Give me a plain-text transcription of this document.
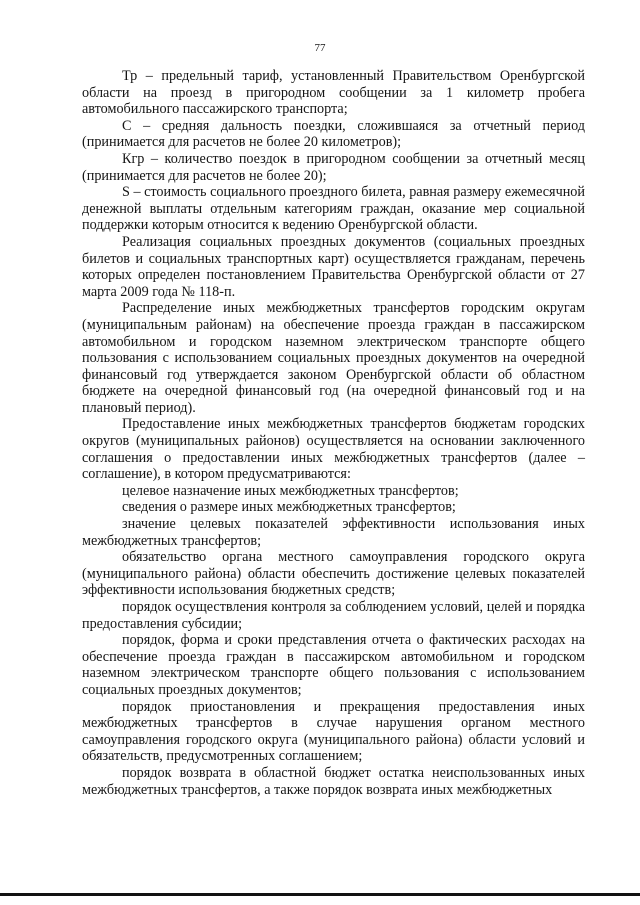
77

Тр – предельный тариф, установленный Правительством Оренбургской области на проезд в пригородном сообщении за 1 километр пробега автомобильного пассажирского транспорта;

С – средняя дальность поездки, сложившаяся за отчетный период (принимается для расчетов не более 20 километров);

Кгр – количество поездок в пригородном сообщении за отчетный месяц (принимается для расчетов не более 20);

S – стоимость социального проездного билета, равная размеру ежемесячной денежной выплаты отдельным категориям граждан, оказание мер социальной поддержки которым относится к ведению Оренбургской области.

Реализация социальных проездных документов (социальных проездных билетов и социальных транспортных карт) осуществляется гражданам, перечень которых определен постановлением Правительства Оренбургской области от 27 марта 2009 года № 118-п.

Распределение иных межбюджетных трансфертов городским округам (муниципальным районам) на обеспечение проезда граждан в пассажирском автомобильном и городском наземном электрическом транспорте общего пользования с использованием социальных проездных документов на очередной финансовый год утверждается законом Оренбургской области об областном бюджете на очередной финансовый год (на очередной финансовый год и на плановый период).

Предоставление иных межбюджетных трансфертов бюджетам городских округов (муниципальных районов) осуществляется на основании заключенного соглашения о предоставлении иных межбюджетных трансфертов (далее – соглашение), в котором предусматриваются:

целевое назначение иных межбюджетных трансфертов;

сведения о размере иных межбюджетных трансфертов;

значение целевых показателей эффективности использования иных межбюджетных трансфертов;

обязательство органа местного самоуправления городского округа (муниципального района) области обеспечить достижение целевых показателей эффективности использования бюджетных средств;

порядок осуществления контроля за соблюдением условий, целей и порядка предоставления субсидии;

порядок, форма и сроки представления отчета о фактических расходах на обеспечение проезда граждан в пассажирском автомобильном и городском наземном электрическом транспорте общего пользования с использованием социальных проездных документов;

порядок приостановления и прекращения предоставления иных межбюджетных трансфертов в случае нарушения органом местного самоуправления городского округа (муниципального района) области условий и обязательств, предусмотренных соглашением;

порядок возврата в областной бюджет остатка неиспользованных иных межбюджетных трансфертов, а также порядок возврата иных межбюджетных
